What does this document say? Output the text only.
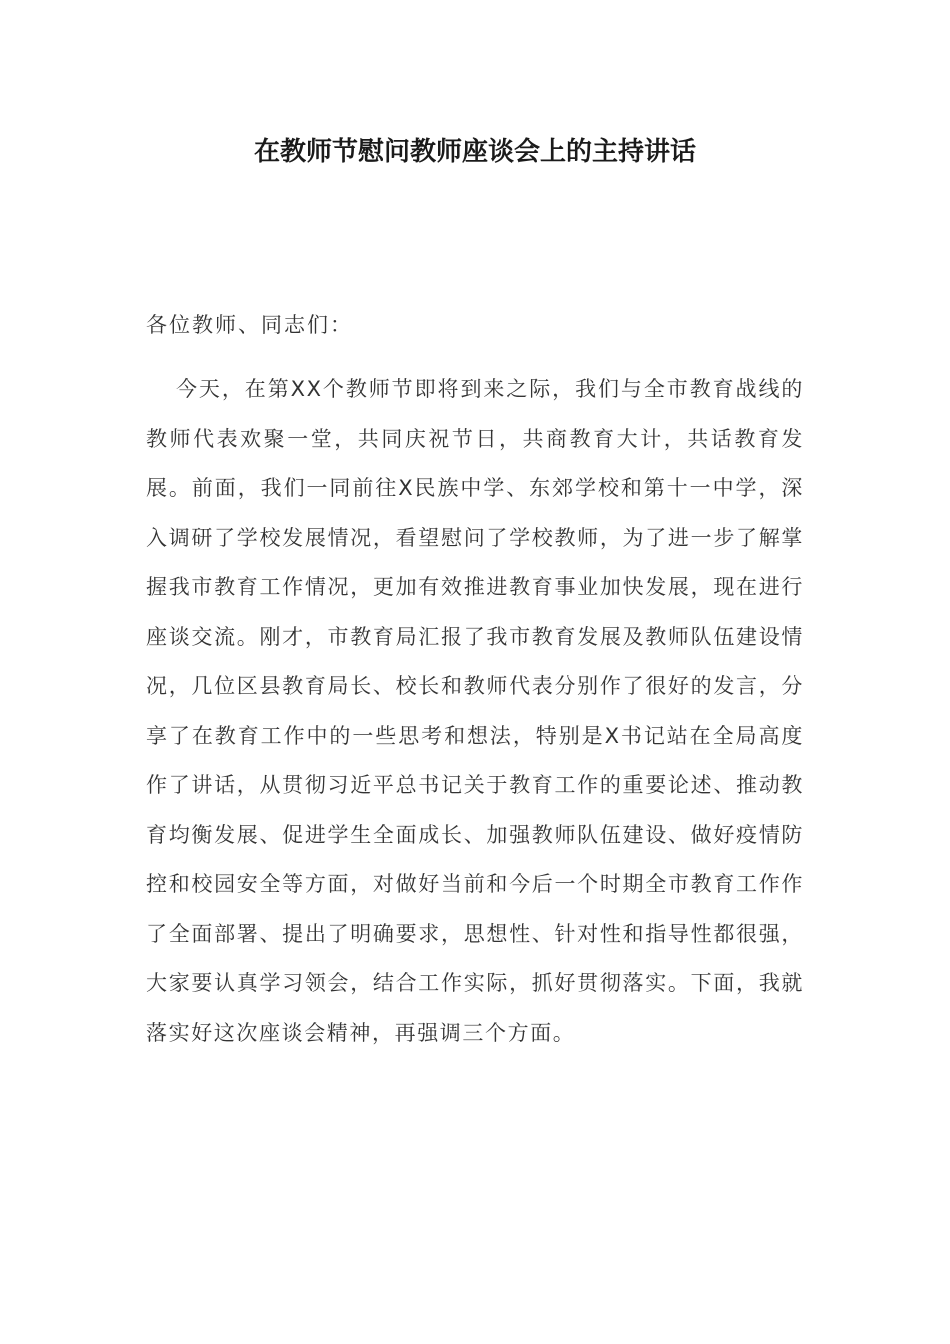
在教师节慰问教师座谈会上的主持讲话

各位教师、同志们：

今天，在第XX个教师节即将到来之际，我们与全市教育战线的教师代表欢聚一堂，共同庆祝节日，共商教育大计，共话教育发展。前面，我们一同前往X民族中学、东郊学校和第十一中学，深入调研了学校发展情况，看望慰问了学校教师，为了进一步了解掌握我市教育工作情况，更加有效推进教育事业加快发展，现在进行座谈交流。刚才，市教育局汇报了我市教育发展及教师队伍建设情况，几位区县教育局长、校长和教师代表分别作了很好的发言，分享了在教育工作中的一些思考和想法，特别是X书记站在全局高度作了讲话，从贯彻习近平总书记关于教育工作的重要论述、推动教育均衡发展、促进学生全面成长、加强教师队伍建设、做好疫情防控和校园安全等方面，对做好当前和今后一个时期全市教育工作作了全面部署、提出了明确要求，思想性、针对性和指导性都很强，大家要认真学习领会，结合工作实际，抓好贯彻落实。下面，我就落实好这次座谈会精神，再强调三个方面。
